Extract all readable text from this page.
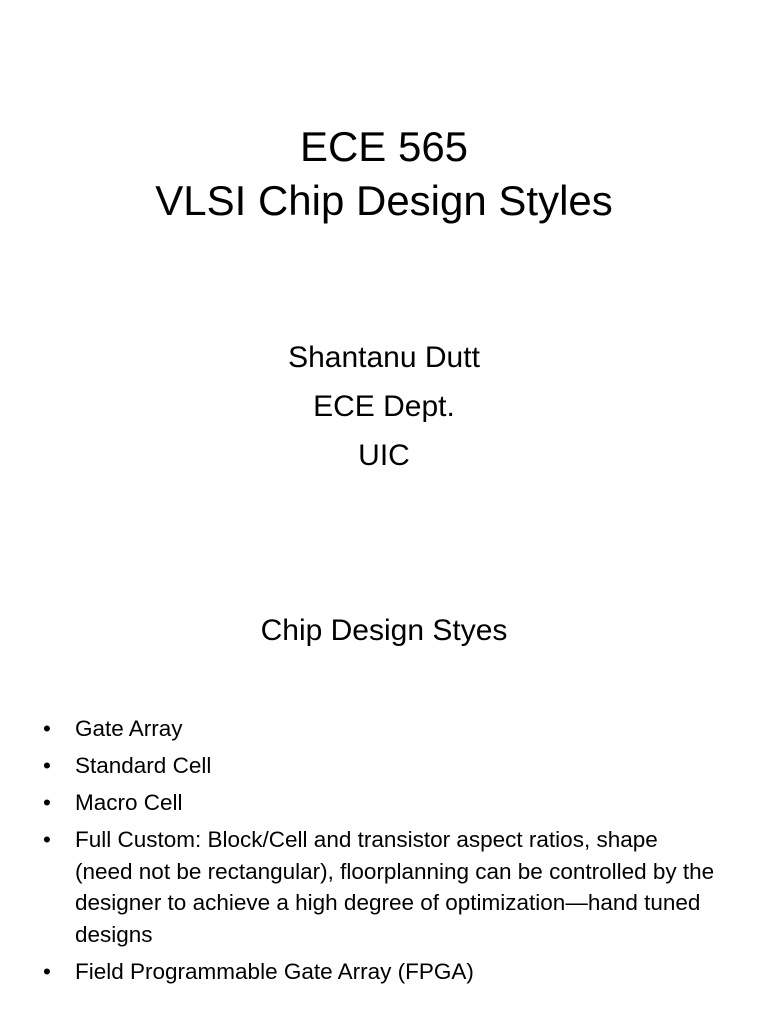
ECE 565
VLSI Chip Design Styles
Shantanu Dutt
ECE Dept.
UIC
Chip Design Styes
• Gate Array
• Standard Cell
• Macro Cell
• Full Custom: Block/Cell and transistor aspect ratios, shape (need not be rectangular), floorplanning can be controlled by the designer to achieve a high degree of optimization—hand tuned designs
• Field Programmable Gate Array (FPGA)
